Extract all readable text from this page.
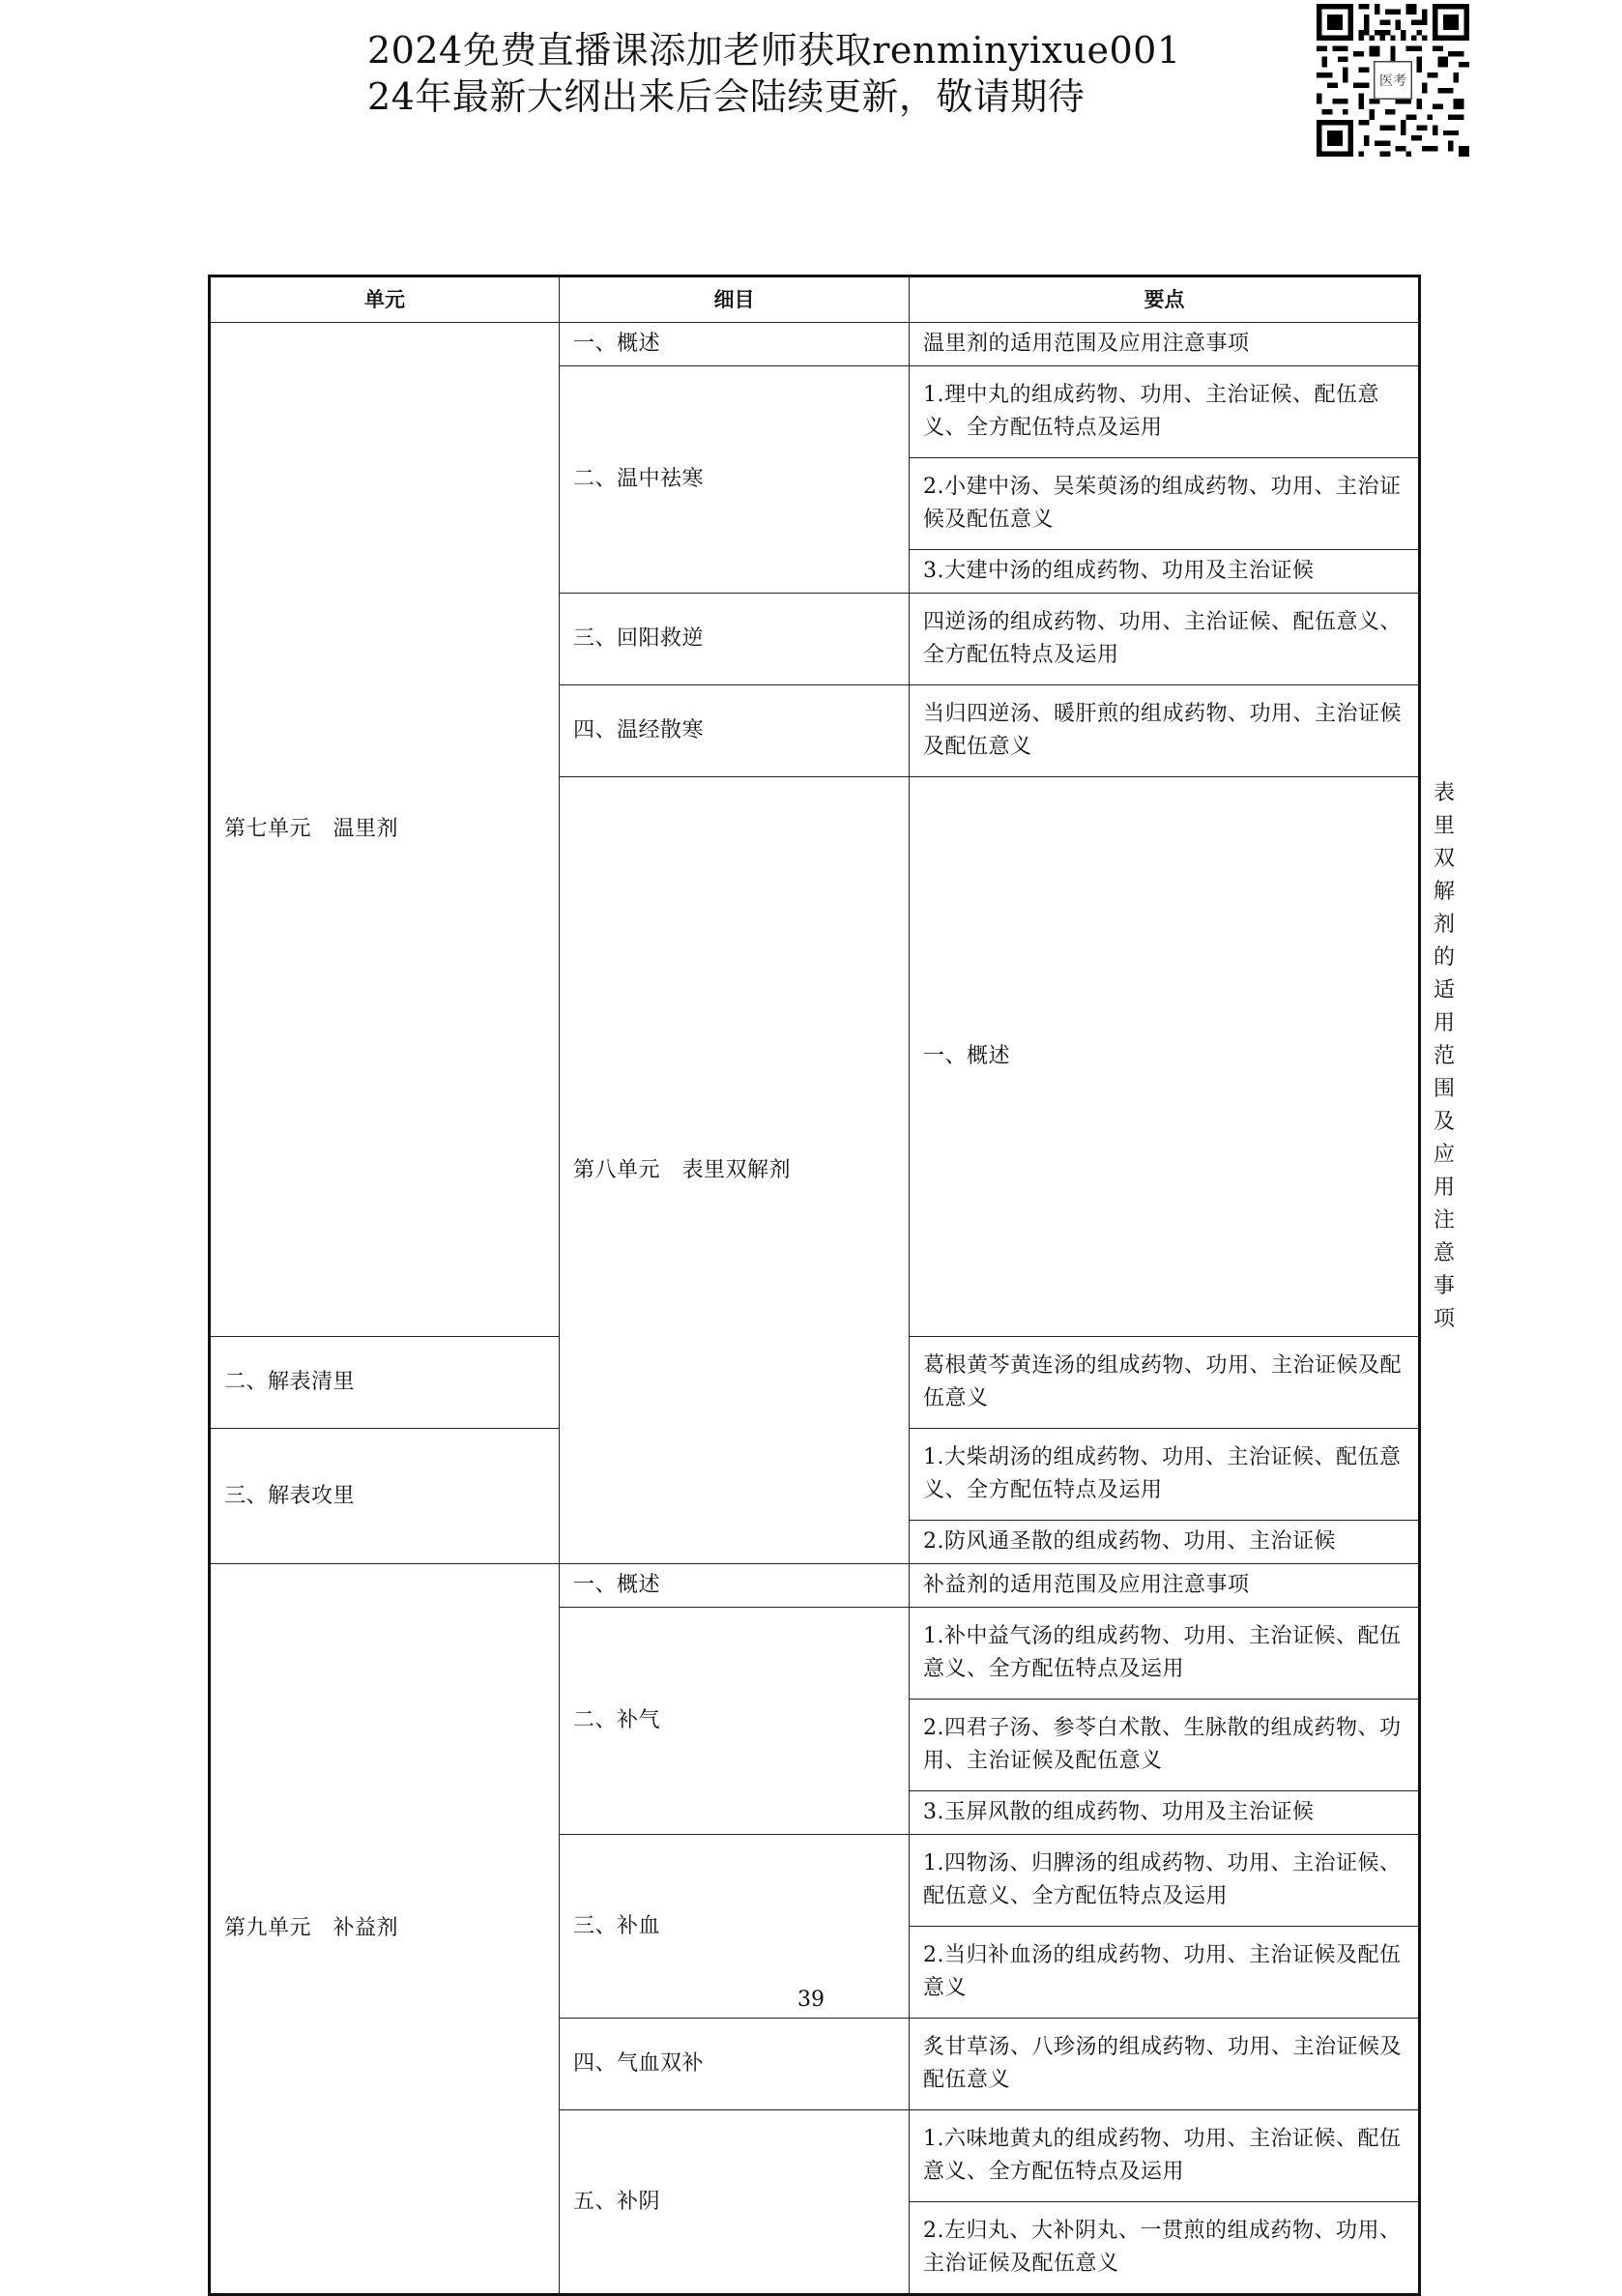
2024免费直播课添加老师获取renminyixue001
24年最新大纲出来后会陆续更新，敬请期待	医考
单元	细目	要点	
第七单元　温里剂	一、概述	温里剂的适用范围及应用注意事项	
	二、温中祛寒	1.理中丸的组成药物、功用、主治证候、配伍意义、全方配伍特点及运用	
		2.小建中汤、吴茱萸汤的组成药物、功用、主治证候及配伍意义	
		3.大建中汤的组成药物、功用及主治证候	
	三、回阳救逆	四逆汤的组成药物、功用、主治证候、配伍意义、全方配伍特点及运用	
	四、温经散寒	当归四逆汤、暖肝煎的组成药物、功用、主治证候及配伍意义	
	第八单元　表里双解剂	一、概述	表里双解剂的适用范围及应用注意事项
二、解表清里		葛根黄芩黄连汤的组成药物、功用、主治证候及配伍意义	
三、解表攻里		1.大柴胡汤的组成药物、功用、主治证候、配伍意义、全方配伍特点及运用	
		2.防风通圣散的组成药物、功用、主治证候	
第九单元　补益剂	一、概述	补益剂的适用范围及应用注意事项	
	二、补气	1.补中益气汤的组成药物、功用、主治证候、配伍意义、全方配伍特点及运用	
		2.四君子汤、参苓白术散、生脉散的组成药物、功用、主治证候及配伍意义	
		3.玉屏风散的组成药物、功用及主治证候	
	三、补血	1.四物汤、归脾汤的组成药物、功用、主治证候、配伍意义、全方配伍特点及运用	
		2.当归补血汤的组成药物、功用、主治证候及配伍意义	
	四、气血双补	炙甘草汤、八珍汤的组成药物、功用、主治证候及配伍意义	
	五、补阴	1.六味地黄丸的组成药物、功用、主治证候、配伍意义、全方配伍特点及运用	
		2.左归丸、大补阴丸、一贯煎的组成药物、功用、主治证候及配伍意义	
39
